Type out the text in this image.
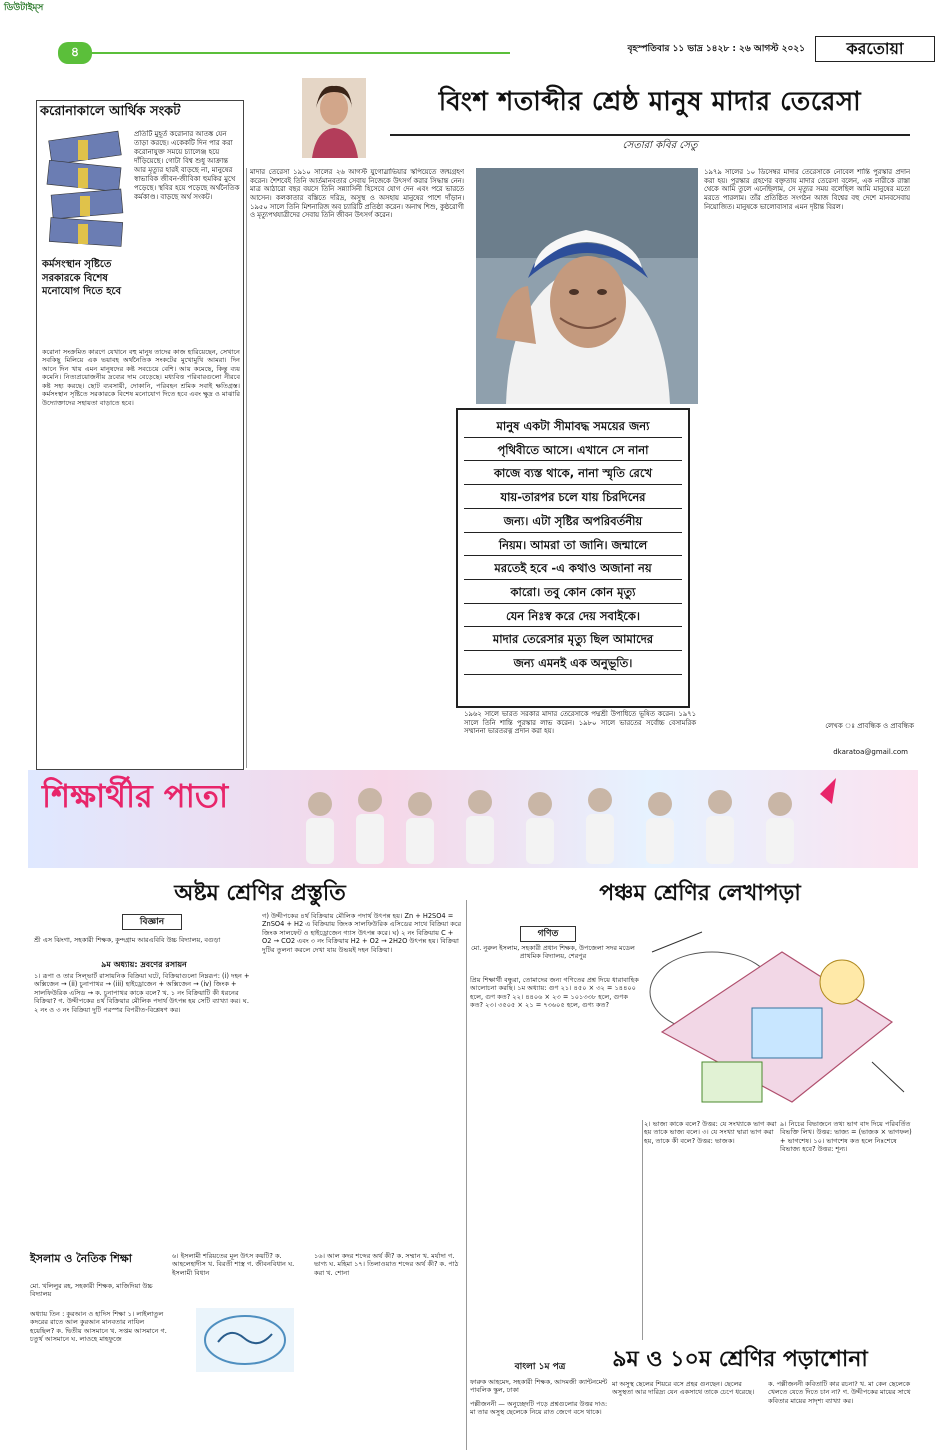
ডিউটাইম্স
৪	বৃহস্পতিবার ১১ ভাদ্র ১৪২৮ : ২৬ আগস্ট ২০২১	করতোয়া
করোনাকালে আর্থিক সংকট
প্রতিটি মুহূর্ত করোনার আতঙ্ক যেন তাড়া করছে। একেকটি দিন পার করা করোনাযুক্ত সময়ে চ্যালেঞ্জ হয়ে দাঁড়িয়েছে। গোটা বিশ্ব শুধু আক্রান্ত আর মৃত্যুর হারই বাড়ছে না, মানুষের স্বাভাবিক জীবন-জীবিকা হুমকির মুখে পড়েছে। স্থবির হয়ে পড়েছে অর্থনৈতিক কর্মকাণ্ড। বাড়ছে অর্থ সংকট।
কর্মসংস্থান সৃষ্টিতে সরকারকে বিশেষ মনোযোগ দিতে হবে
করোনা সংক্রমিত কারণে যেখানে বহু মানুষ তাদের কাজ হারিয়েছেন, সেখানে সবকিছু মিলিয়ে এক ভয়াবহ অর্থনৈতিক সংকটের মুখোমুখি আমরা। দিন আনে দিন খায় এমন মানুষদের কষ্ট সবচেয়ে বেশি। আয় কমেছে, কিন্তু ব্যয় কমেনি। নিত্যপ্রয়োজনীয় দ্রব্যের দাম বেড়েছে। মধ্যবিত্ত পরিবারগুলো নীরবে কষ্ট সহ্য করছে। ছোট ব্যবসায়ী, দোকানি, পরিবহন শ্রমিক সবাই ক্ষতিগ্রস্ত। কর্মসংস্থান সৃষ্টিতে সরকারকে বিশেষ মনোযোগ দিতে হবে এবং ক্ষুদ্র ও মাঝারি উদ্যোক্তাদের সহায়তা বাড়াতে হবে।
বিংশ শতাব্দীর শ্রেষ্ঠ মানুষ মাদার তেরেসা
সেতারা কবির সেতু
মাদার তেরেসা ১৯১০ সালের ২৬ আগস্ট যুগোস্লাভিয়ার স্কপিয়েতে জন্মগ্রহণ করেন। শৈশবেই তিনি আর্তমানবতার সেবায় নিজেকে উৎসর্গ করার সিদ্ধান্ত নেন। মাত্র আঠারো বছর বয়সে তিনি সন্ন্যাসিনী হিসেবে যোগ দেন এবং পরে ভারতে আসেন। কলকাতার বস্তিতে দরিদ্র, অসুস্থ ও অসহায় মানুষের পাশে দাঁড়ান। ১৯৫০ সালে তিনি মিশনারিজ অব চ্যারিটি প্রতিষ্ঠা করেন। অনাথ শিশু, কুষ্ঠরোগী ও মৃত্যুপথযাত্রীদের সেবায় তিনি জীবন উৎসর্গ করেন।
১৯৭৯ সালের ১০ ডিসেম্বর মাদার তেরেসাকে নোবেল শান্তি পুরস্কার প্রদান করা হয়। পুরস্কার গ্রহণের বক্তৃতায় মাদার তেরেসা বলেন, এক নারীকে রাস্তা থেকে আমি তুলে এনেছিলাম, সে মৃত্যুর সময় বলেছিল আমি মানুষের মতো মরতে পারলাম। তাঁর প্রতিষ্ঠিত সংগঠন আজ বিশ্বের বহু দেশে মানবসেবায় নিয়োজিত। মানুষকে ভালোবাসার এমন দৃষ্টান্ত বিরল।
মানুষ একটা সীমাবদ্ধ সময়ের জন্য
পৃথিবীতে আসে। এখানে সে নানা
কাজে ব্যস্ত থাকে, নানা স্মৃতি রেখে
যায়-তারপর চলে যায় চিরদিনের
জন্য। এটা সৃষ্টির অপরিবর্তনীয়
নিয়ম। আমরা তা জানি। জন্মালে
মরতেই হবে -এ কথাও অজানা নয়
কারো। তবু কোন কোন মৃত্যু
যেন নিঃস্ব করে দেয় সবাইকে।
মাদার তেরেসার মৃত্যু ছিল আমাদের
জন্য এমনই এক অনুভূতি।
১৯৬২ সালে ভারত সরকার মাদার তেরেসাকে পদ্মশ্রী উপাধিতে ভূষিত করেন। ১৯৭১ সালে তিনি শান্তি পুরস্কার লাভ করেন। ১৯৮০ সালে ভারতের সর্বোচ্চ বেসামরিক সম্মাননা ভারতরত্ন প্রদান করা হয়।
লেখক ঃ প্রাবন্ধিক ও প্রাবন্ধিক
dkaratoa@gmail.com
শিক্ষার্থীর পাতা
অষ্টম শ্রেণির প্রস্তুতি	পঞ্চম শ্রেণির লেখাপড়া
বিজ্ঞান
শ্রী এস ঝিংগা, সহকারী শিক্ষক, কুন্দগ্রাম আরএবিবি উচ্চ বিদ্যালয়, বগুড়া
৯ম অধ্যায়: দ্রবণের রসায়ন
১। রূপা ও তার সিল্ভার্ট রাসায়নিক বিক্রিয়া ঘটে, বিক্রিয়াগুলো নিম্নরূপ: (i) দহন + অক্সিজেন → (ii) চুনাপাথর → (iii) হাইড্রোজেন + অক্সিজেন → (iv) জিংক + সালফিউরিক এসিড → ক. চুনাপাথর কাকে বলে? খ. ১ নং বিক্রিয়াটি কী ধরনের বিক্রিয়া? গ. উদ্দীপকের ৪র্থ বিক্রিয়ার মৌলিক পদার্থ উৎপন্ন হয় সেটি ব্যাখ্যা কর। ঘ. ২ নং ও ৩ নং বিক্রিয়া দুটি পরস্পর বিপরীত-বিশ্লেষণ কর।
গ) উদ্দীপকের ৪র্থ বিক্রিয়ায় মৌলিক পদার্থ উৎপন্ন হয়। Zn + H2SO4 = ZnSO4 + H2 এ বিক্রিয়ায় জিংক সালফিউরিক এসিডের সাথে বিক্রিয়া করে জিংক সালফেট ও হাইড্রোজেন গ্যাস উৎপন্ন করে। ঘ) ২ নং বিক্রিয়ায় C + O2 → CO2 এবং ৩ নং বিক্রিয়ায় H2 + O2 → 2H2O উৎপন্ন হয়। বিক্রিয়া দুটির তুলনা করলে দেখা যায় উভয়ই দহন বিক্রিয়া।
গণিত
মো. নুরুল ইসলাম, সহকারী প্রধান শিক্ষক, উপজেলা সদর মডেল প্রাথমিক বিদ্যালয়, শেরপুর
প্রিয় শিক্ষার্থী বন্ধুরা, তোমাদের জন্য গণিতের প্রশ্ন দিয়ে ধারাবাহিক আলোচনা করছি। ১ম অধ্যায়: গুণ ২১। ৪৫০ × ৩২ = ১৪৪০০ হলে, গুণ কত? ২২। ৪৪০৬ × ২৩ = ১০১৩৩৮ হলে, গুণক কত? ২৩। ৩৫০৫ × ২১ = ৭৩৬০৫ হলে, গুণ্য কত?
২। ভাজ্য কাকে বলে? উত্তর: যে সংখ্যাকে ভাগ করা হয় তাকে ভাজ্য বলে। ৩। যে সংখ্যা দ্বারা ভাগ করা হয়, তাকে কী বলে? উত্তর: ভাজক।
৯। নিচের বিভাজনে তথ্য ভাগ বাদ দিয়ে পরিবর্তিত বিভক্তি লিখ। উত্তর: ভাজ্য = (ভাজক × ভাগফল) + ভাগশেষ। ১০। ভাগশেষ কত হলে নিঃশেষে বিভাজ্য হবে? উত্তর: শূন্য।
ইসলাম ও নৈতিক শিক্ষা
মো. খলিলুর রহ, সহকারী শিক্ষক, মাজিদিয়া উচ্চ বিদ্যালয়
অধ্যায় তিন : কুরআন ও হাদিস শিক্ষা ১। লাইলাতুল কদরের রাতে আল কুরআন মানবতার নাযিল হয়েছিল? ক. দ্বিতীয় আসমানে খ. সপ্তম আসমানে গ. চতুর্থ আসমানে ঘ. লাওহে মাহফুজে
৬। ইসলামী শরিয়তের মূল উৎস কয়টি? ক. আহলেহাদীস খ. বিরতী শাস্ত্র গ. জীবনবিধান ঘ. ইসলামী বিধান
১৬। আল কদর শব্দের অর্থ কী? ক. সম্মান খ. মর্যাদা গ. ভাগ্য ঘ. মহিমা ১৭। তিলাওয়াত শব্দের অর্থ কী? ক. পাঠ করা খ. শোনা
৯ম ও ১০ম শ্রেণির পড়াশোনা
বাংলা ১ম পত্র
ফারুক আহমেদ, সহকারী শিক্ষক, আদমজী ক্যান্টনমেন্ট পাবলিক স্কুল, ঢাকা
পল্লীজননী — অনুচ্ছেদটি পড়ে প্রশ্নগুলোর উত্তর দাও: মা তার অসুস্থ ছেলেকে নিয়ে রাত জেগে বসে থাকে।
মা অসুস্থ ছেলের শিয়রে বসে প্রহর গুনছেন। ছেলের অসুস্থতা আর দারিদ্র্য যেন একসাথে তাকে চেপে ধরেছে।
ক. পল্লীজননী কবিতাটি কার রচনা? খ. মা কেন ছেলেকে খেলতে যেতে দিতে চান না? গ. উদ্দীপকের মায়ের সাথে কবিতার মায়ের সাদৃশ্য ব্যাখ্যা কর।
